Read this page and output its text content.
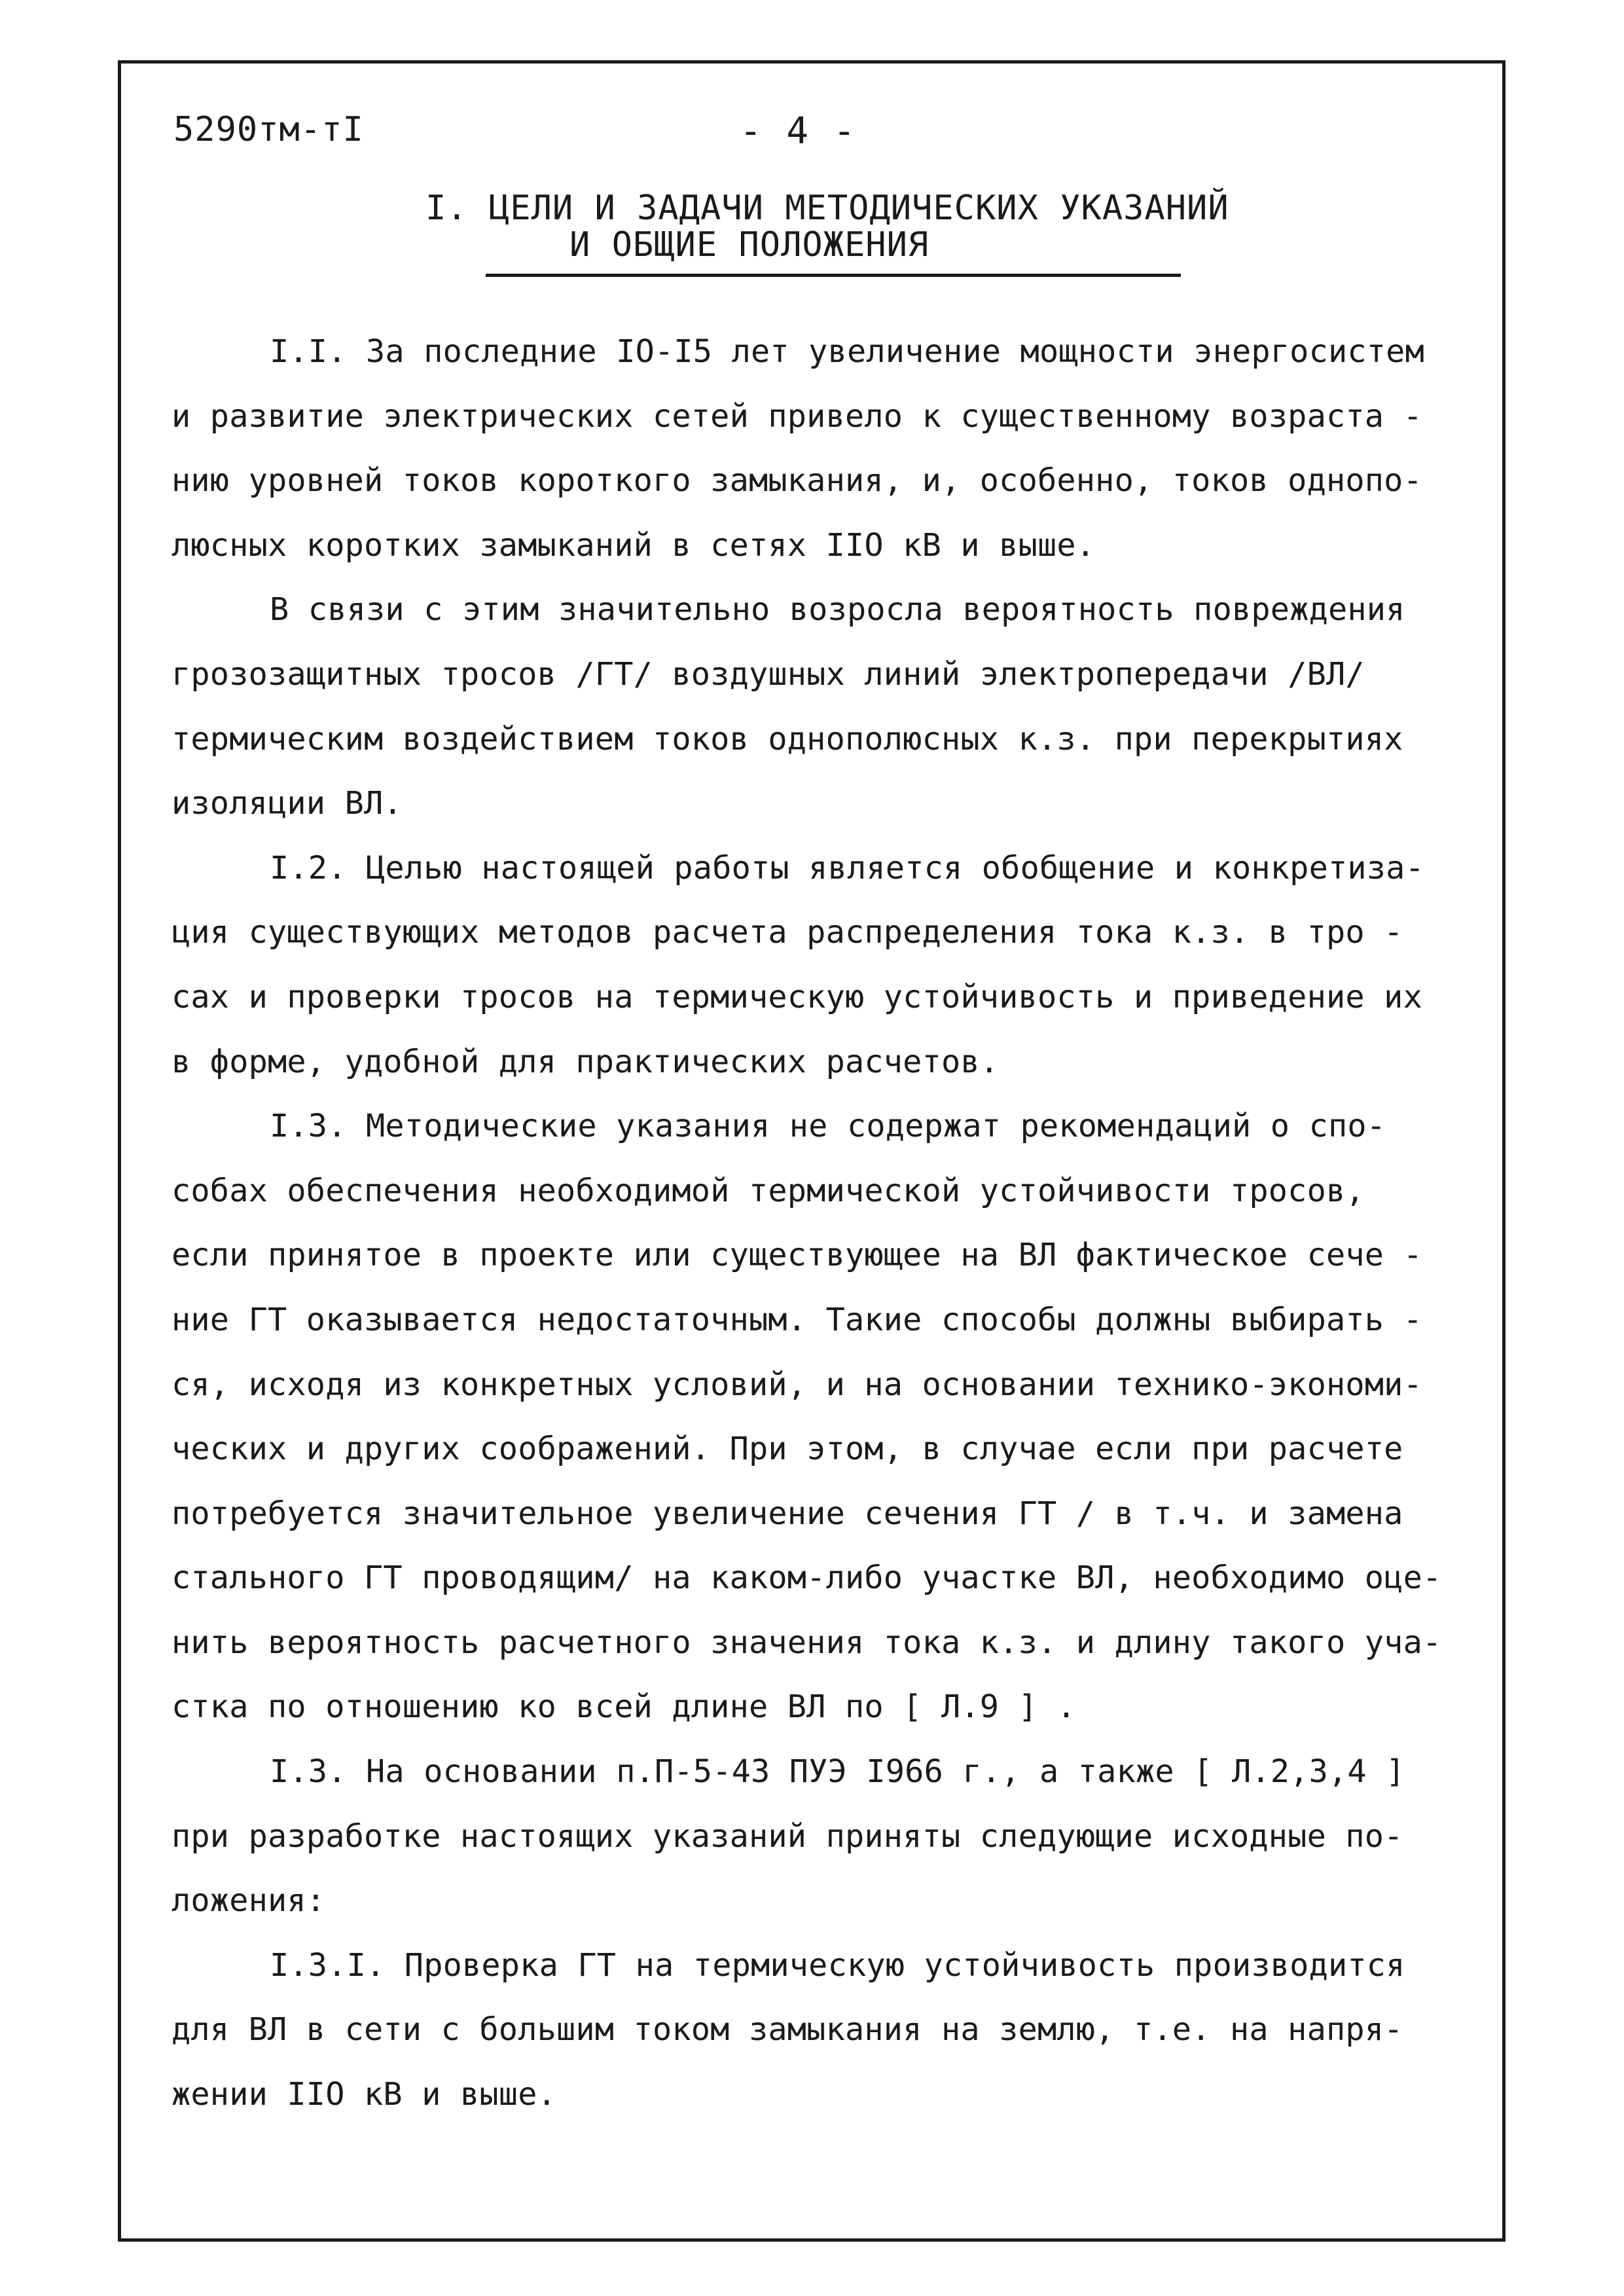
5290тм-тI	- 4 -
I. ЦЕЛИ И ЗАДАЧИ МЕТОДИЧЕСКИХ УКАЗАНИЙ
И ОБЩИЕ ПОЛОЖЕНИЯ
I.I. За последние IO-I5 лет увеличение мощности энергосистем
и развитие электрических сетей привело к существенному возраста -
нию уровней токов короткого замыкания, и, особенно, токов однопо-
люсных коротких замыканий в сетях IIO кВ и выше.
В связи с этим значительно возросла вероятность повреждения
грозозащитных тросов /ГТ/ воздушных линий электропередачи /ВЛ/
термическим воздействием токов однополюсных к.з. при перекрытиях
изоляции ВЛ.
I.2. Целью настоящей работы является обобщение и конкретиза-
ция существующих методов расчета распределения тока к.з. в тро -
сах и проверки тросов на термическую устойчивость и приведение их
в форме, удобной для практических расчетов.
I.3. Методические указания не содержат рекомендаций о спо-
собах обеспечения необходимой термической устойчивости тросов,
если принятое в проекте или существующее на ВЛ фактическое сече -
ние ГТ оказывается недостаточным. Такие способы должны выбирать -
ся, исходя из конкретных условий, и на основании технико-экономи-
ческих и других соображений. При этом, в случае если при расчете
потребуется значительное увеличение сечения ГТ / в т.ч. и замена
стального ГТ проводящим/ на каком-либо участке ВЛ, необходимо оце-
нить вероятность расчетного значения тока к.з. и длину такого уча-
стка по отношению ко всей длине ВЛ по [ Л.9 ] .
I.3. На основании п.П-5-43 ПУЭ I966 г., а также [ Л.2,3,4 ]
при разработке настоящих указаний приняты следующие исходные по-
ложения:
I.3.I. Проверка ГТ на термическую устойчивость производится
для ВЛ в сети с большим током замыкания на землю, т.е. на напря-
жении IIO кВ и выше.
